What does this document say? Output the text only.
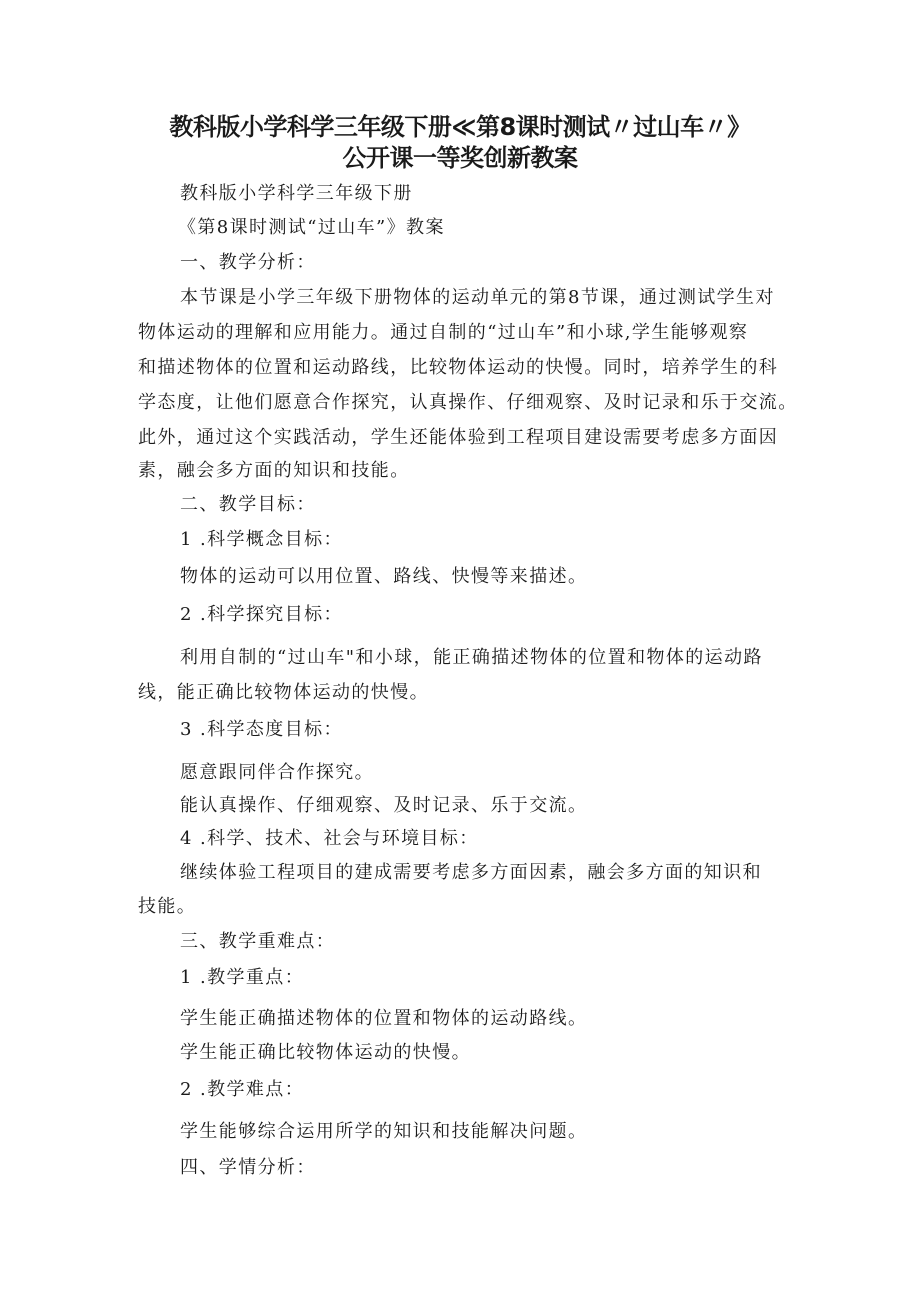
教科版小学科学三年级下册≪第8课时测试〃过山车〃》
公开课一等奖创新教案
教科版小学科学三年级下册
《第8课时测试“过山车”》教案
一、教学分析：
本节课是小学三年级下册物体的运动单元的第8节课，通过测试学生对
物体运动的理解和应用能力。通过自制的“过山车”和小球,学生能够观察
和描述物体的位置和运动路线，比较物体运动的快慢。同时，培养学生的科
学态度，让他们愿意合作探究，认真操作、仔细观察、及时记录和乐于交流。
此外，通过这个实践活动，学生还能体验到工程项目建设需要考虑多方面因
素，融会多方面的知识和技能。
二、教学目标：
1 .科学概念目标：
物体的运动可以用位置、路线、快慢等来描述。
2 .科学探究目标：
利用自制的“过山车"和小球，能正确描述物体的位置和物体的运动路
线，能正确比较物体运动的快慢。
3 .科学态度目标：
愿意跟同伴合作探究。
能认真操作、仔细观察、及时记录、乐于交流。
4 .科学、技术、社会与环境目标：
继续体验工程项目的建成需要考虑多方面因素，融会多方面的知识和
技能。
三、教学重难点：
1 .教学重点：
学生能正确描述物体的位置和物体的运动路线。
学生能正确比较物体运动的快慢。
2 .教学难点：
学生能够综合运用所学的知识和技能解决问题。
四、学情分析：
